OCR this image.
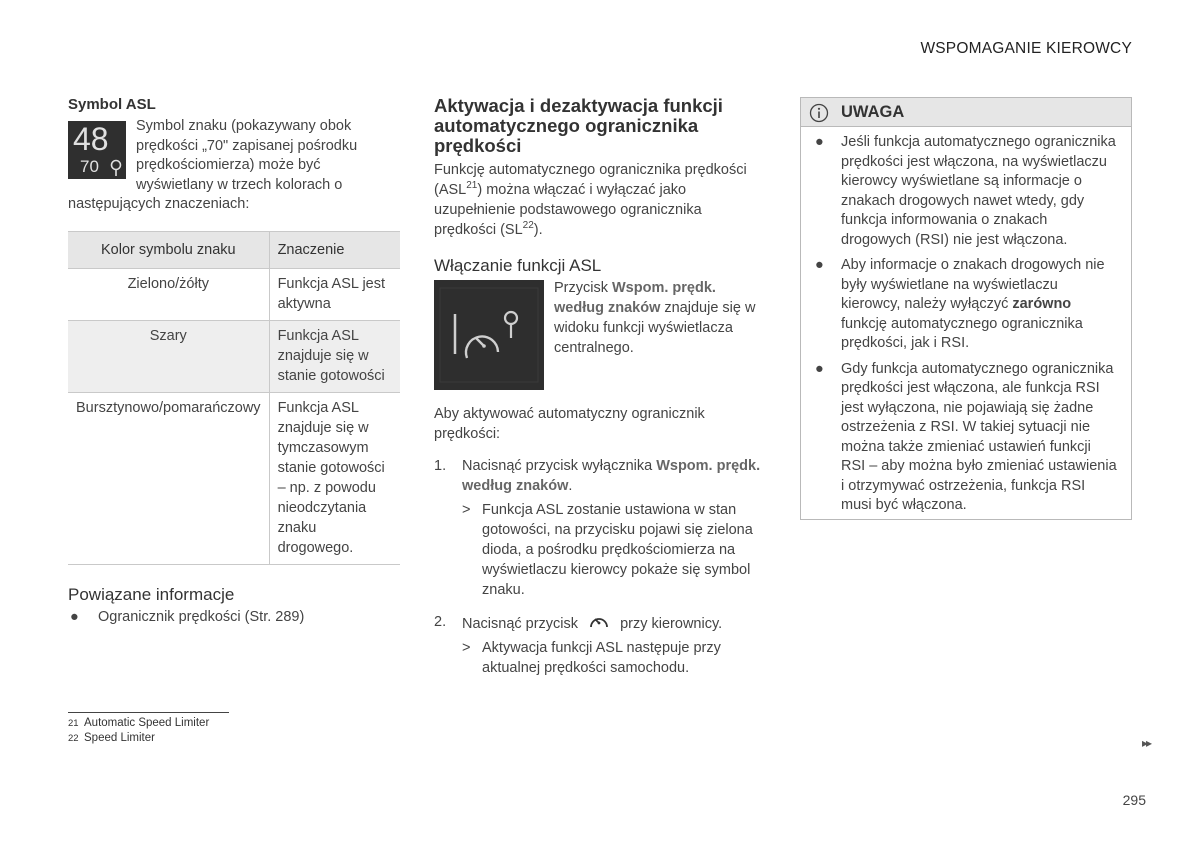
WSPOMAGANIE KIEROWCY
Symbol ASL
48
70

Symbol znaku (pokazywany obok prędkości „70" zapisanej pośrodku prędkościomierza) może być wyświetlany w trzech kolorach o następujących znaczeniach:

Kolor symbolu znaku	Znaczenie
Zielono/żółty	Funkcja ASL jest aktywna
Szary	Funkcja ASL znajduje się w stanie gotowości
Bursztynowo/pomarańczowy	Funkcja ASL znajduje się w tymczasowym stanie gotowości – np. z powodu nieodczytania znaku drogowego.
Powiązane informacje
● Ogranicznik prędkości (Str. 289)
Aktywacja i dezaktywacja funkcji automatycznego ogranicznika prędkości

Funkcję automatycznego ogranicznika prędkości (ASL$^{21}$) można włączać i wyłączać jako uzupełnienie podstawowego ogranicznika prędkości (SL$^{22}$).

Włączanie funkcji ASL

Przycisk Wspom. prędk. według znaków znajduje się w widoku funkcji wyświetlacza centralnego.

Aby aktywować automatyczny ogranicznik prędkości:

1. Nacisnąć przycisk wyłącznika Wspom. prędk. według znaków.
> Funkcja ASL zostanie ustawiona w stan gotowości, na przycisku pojawi się zielona dioda, a pośrodku prędkościomierza na wyświetlaczu kierowcy pokaże się symbol znaku.
2. Nacisnąć przycisk	przy kierownicy.
> Aktywacja funkcji ASL następuje przy aktualnej prędkości samochodu.
UWAGA
● Jeśli funkcja automatycznego ogranicznika prędkości jest włączona, na wyświetlaczu kierowcy wyświetlane są informacje o znakach drogowych nawet wtedy, gdy funkcja informowania o znakach drogowych (RSI) nie jest włączona.
● Aby informacje o znakach drogowych nie były wyświetlane na wyświetlaczu kierowcy, należy wyłączyć zarówno funkcję automatycznego ogranicznika prędkości, jak i RSI.
● Gdy funkcja automatycznego ogranicznika prędkości jest włączona, ale funkcja RSI jest wyłączona, nie pojawiają się żadne ostrzeżenia z RSI. W takiej sytuacji nie można także zmieniać ustawień funkcji RSI – aby można było zmieniać ustawienia i otrzymywać ostrzeżenia, funkcja RSI musi być włączona.
21 Automatic Speed Limiter
22 Speed Limiter	▸▸
295
